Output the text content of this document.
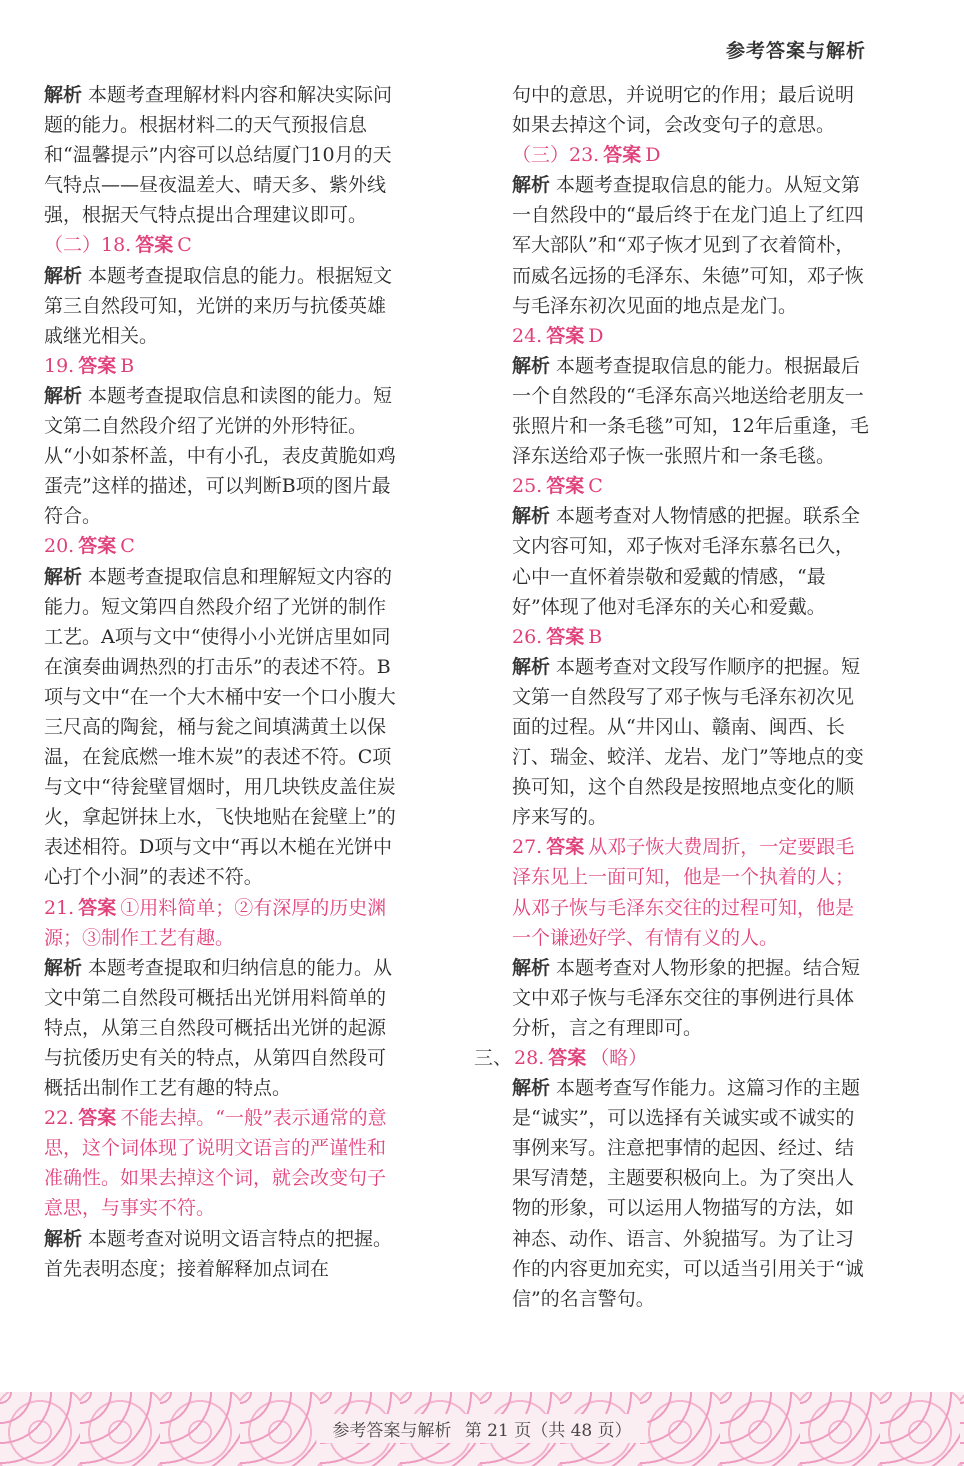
参考答案与解析
解析 本题考查理解材料内容和解决实际问题的能力。根据材料二的天气预报信息和“温馨提示”内容可以总结厦门10月的天气特点——昼夜温差大、晴天多、紫外线强，根据天气特点提出合理建议即可。
（二）18. 答案 C
解析 本题考查提取信息的能力。根据短文第三自然段可知，光饼的来历与抗倭英雄戚继光相关。
19. 答案 B
解析 本题考查提取信息和读图的能力。短文第二自然段介绍了光饼的外形特征。从“小如茶杯盖，中有小孔，表皮黄脆如鸡蛋壳”这样的描述，可以判断B项的图片最符合。
20. 答案 C
解析 本题考查提取信息和理解短文内容的能力。短文第四自然段介绍了光饼的制作工艺。A项与文中“使得小小光饼店里如同在演奏曲调热烈的打击乐”的表述不符。B项与文中“在一个大木桶中安一个口小腹大三尺高的陶瓮，桶与瓮之间填满黄土以保温，在瓮底燃一堆木炭”的表述不符。C项与文中“待瓮壁冒烟时，用几块铁皮盖住炭火，拿起饼抹上水，飞快地贴在瓮壁上”的表述相符。D项与文中“再以木槌在光饼中心打个小洞”的表述不符。
21. 答案 ①用料简单；②有深厚的历史渊源；③制作工艺有趣。
解析 本题考查提取和归纳信息的能力。从文中第二自然段可概括出光饼用料简单的特点，从第三自然段可概括出光饼的起源与抗倭历史有关的特点，从第四自然段可概括出制作工艺有趣的特点。
22. 答案 不能去掉。“一般”表示通常的意思，这个词体现了说明文语言的严谨性和准确性。如果去掉这个词，就会改变句子意思，与事实不符。
解析 本题考查对说明文语言特点的把握。首先表明态度；接着解释加点词在
句中的意思，并说明它的作用；最后说明如果去掉这个词，会改变句子的意思。
（三）23. 答案 D
解析 本题考查提取信息的能力。从短文第一自然段中的“最后终于在龙门追上了红四军大部队”和“邓子恢才见到了衣着简朴，而威名远扬的毛泽东、朱德”可知，邓子恢与毛泽东初次见面的地点是龙门。
24. 答案 D
解析 本题考查提取信息的能力。根据最后一个自然段的“毛泽东高兴地送给老朋友一张照片和一条毛毯”可知，12年后重逢，毛泽东送给邓子恢一张照片和一条毛毯。
25. 答案 C
解析 本题考查对人物情感的把握。联系全文内容可知，邓子恢对毛泽东慕名已久，心中一直怀着崇敬和爱戴的情感，“最好”体现了他对毛泽东的关心和爱戴。
26. 答案 B
解析 本题考查对文段写作顺序的把握。短文第一自然段写了邓子恢与毛泽东初次见面的过程。从“井冈山、赣南、闽西、长汀、瑞金、蛟洋、龙岩、龙门”等地点的变换可知，这个自然段是按照地点变化的顺序来写的。
27. 答案 从邓子恢大费周折，一定要跟毛泽东见上一面可知，他是一个执着的人；从邓子恢与毛泽东交往的过程可知，他是一个谦逊好学、有情有义的人。
解析 本题考查对人物形象的把握。结合短文中邓子恢与毛泽东交往的事例进行具体分析，言之有理即可。
三、 28. 答案 （略）
解析 本题考查写作能力。这篇习作的主题是“诚实”，可以选择有关诚实或不诚实的事例来写。注意把事情的起因、经过、结果写清楚，主题要积极向上。为了突出人物的形象，可以运用人物描写的方法，如神态、动作、语言、外貌描写。为了让习作的内容更加充实，可以适当引用关于“诚信”的名言警句。
参考答案与解析 第 21 页（共 48 页）
